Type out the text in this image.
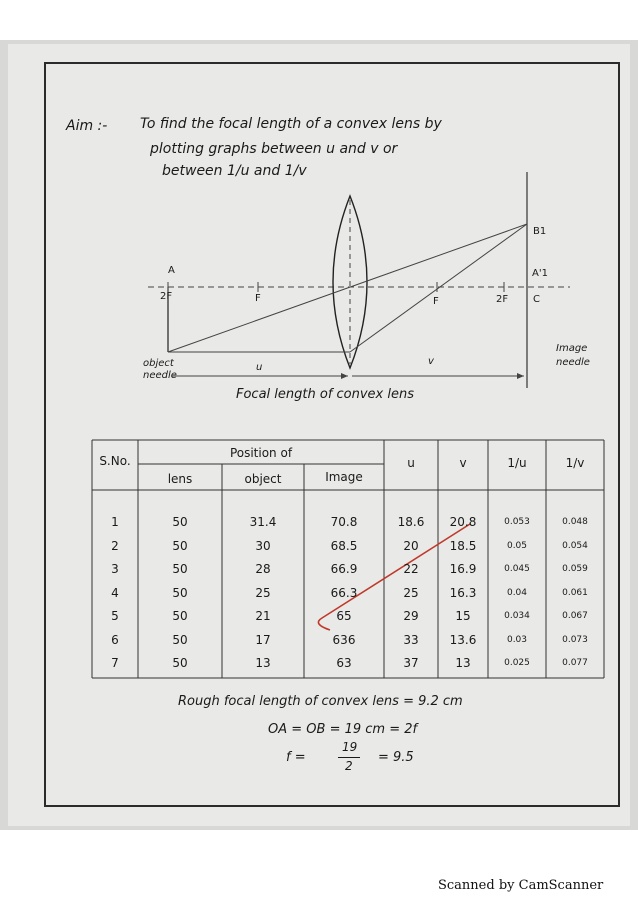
Aim :- To find the focal length of a convex lens by
plotting graphs between u and v or
between 1/u and 1/v
B1
A	A'1
2F	F	F	2F C
object
needle
Image
needle
u
v
Focal length of convex lens
S.No.
Position of
lens	object	Image
u	v	1/u	1/v
1	50	31.4	70.8	18.6	20.8	0.053	0.048
2	50	30	68.5	20	18.5	0.05	0.054
3	50	28	66.9	22	16.9	0.045	0.059
4	50	25	66.3	25	16.3	0.04	0.061
5	50	21	65	29	15	0.034	0.067
6	50	17	636	33	13.6	0.03	0.073
7	50	13	63	37	13	0.025	0.077
Rough focal length of convex lens = 9.2 cm
OA = OB = 19 cm = 2f
f =
19
2
= 9.5
Scanned by CamScanner
